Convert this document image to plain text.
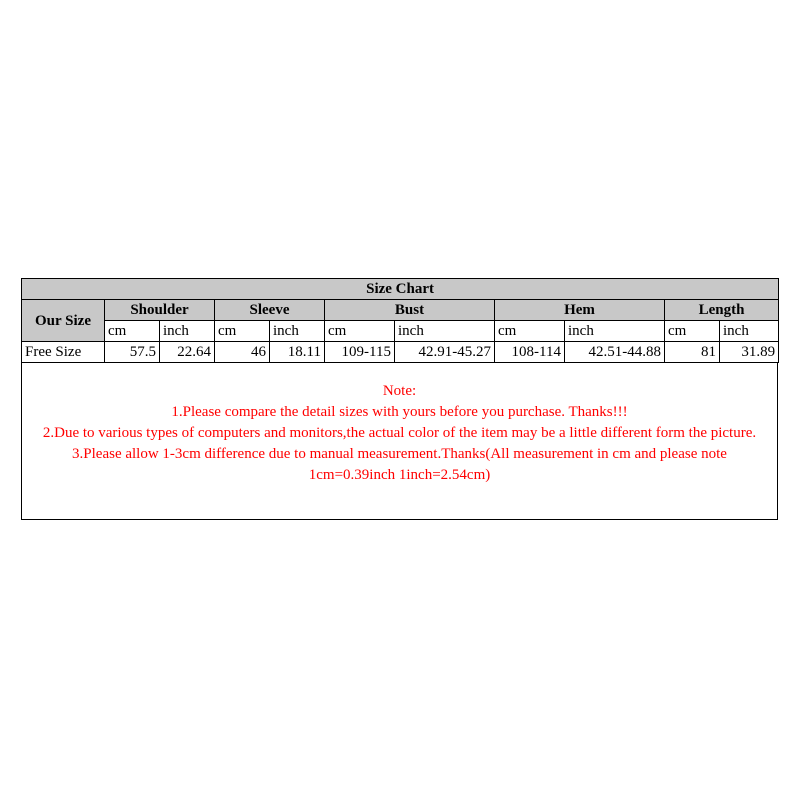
Size Chart										
Our Size	Shoulder		Sleeve		Bust		Hem		Length	
	cm	inch	cm	inch	cm	inch	cm	inch	cm	inch
Free Size	57.5	22.64	46	18.11	109-115	42.91-45.27	108-114	42.51-44.88	81	31.89

Note:

1.Please compare the detail sizes with yours before you purchase. Thanks!!!

2.Due to various types of computers and monitors,the actual color of the item may be a little different form the picture.

3.Please allow 1-3cm difference due to manual measurement.Thanks(All measurement in cm and please note 1cm=0.39inch 1inch=2.54cm)
